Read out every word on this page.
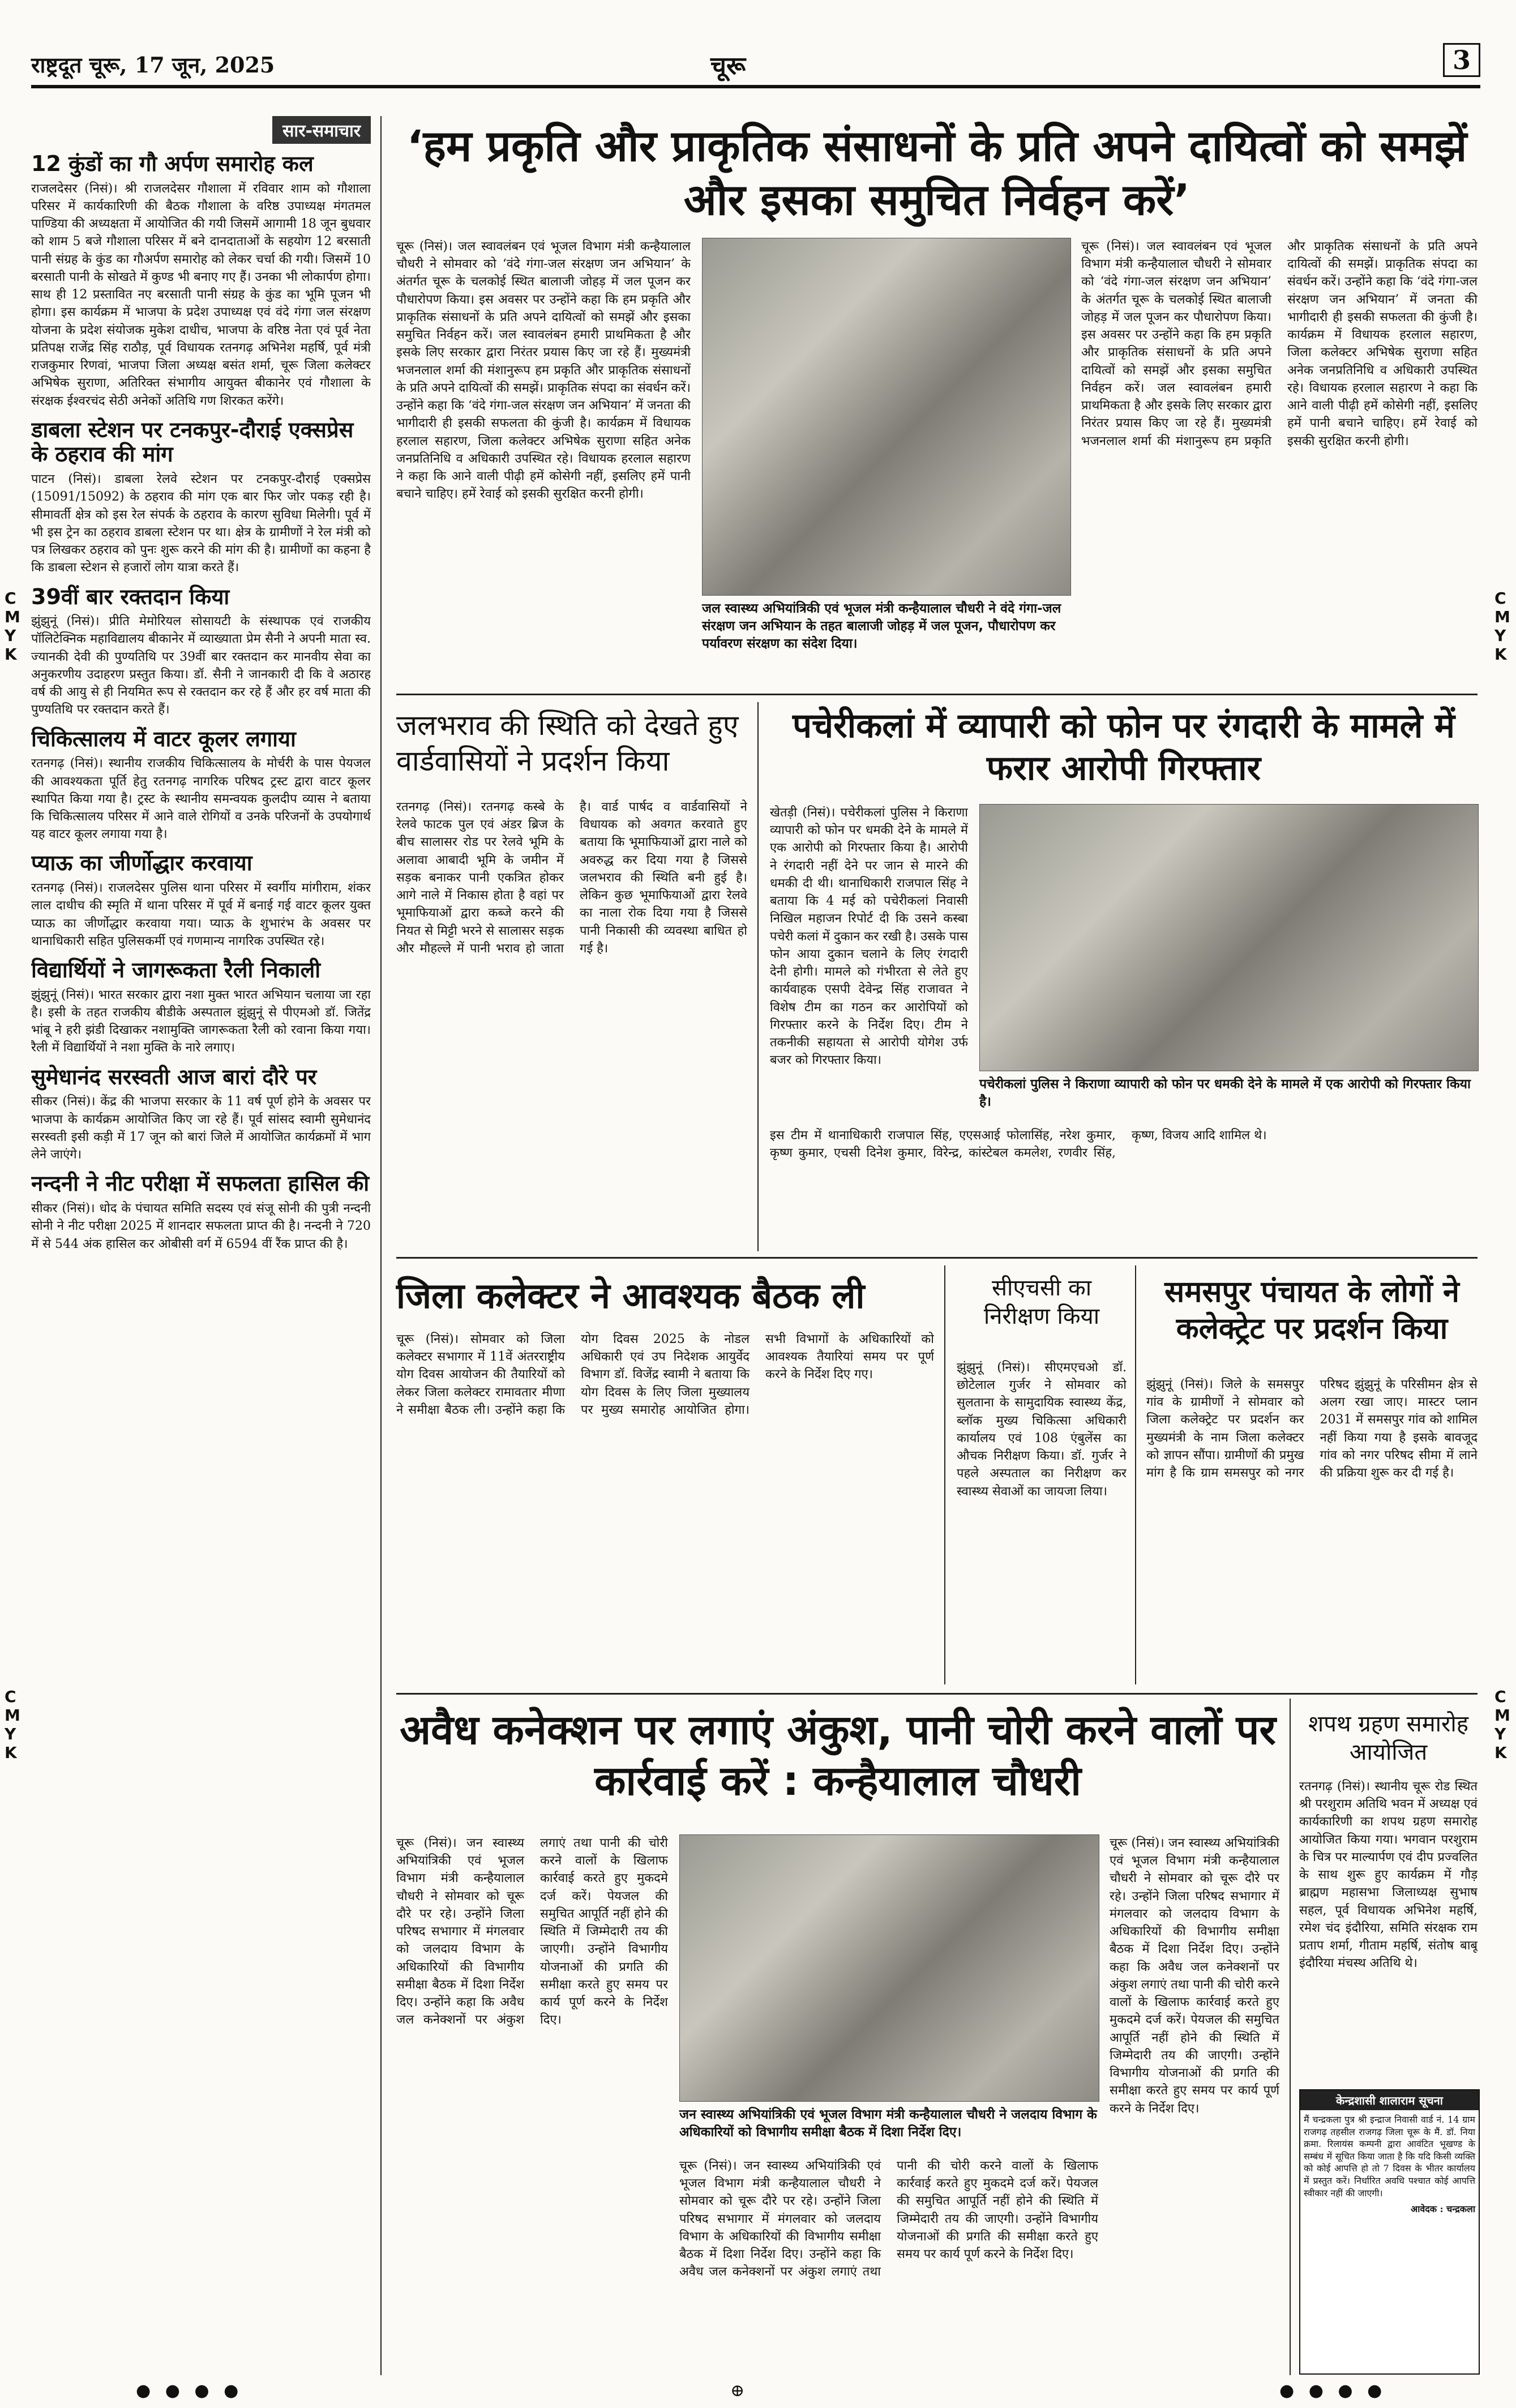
राष्ट्रदूत चूरू, 17 जून, 2025	चूरू	3
C
M
Y
K
C
M
Y
K
C
M
Y
K
C
M
Y
K
सार-समाचार
12 कुंडों का गौ अर्पण समारोह कल

राजलदेसर (निसं)। श्री राजलदेसर गौशाला में रविवार शाम को गौशाला परिसर में कार्यकारिणी की बैठक गौशाला के वरिष्ठ उपाध्यक्ष मंगतमल पाण्डिया की अध्यक्षता में आयोजित की गयी जिसमें आगामी 18 जून बुधवार को शाम 5 बजे गौशाला परिसर में बने दानदाताओं के सहयोग 12 बरसाती पानी संग्रह के कुंड का गौअर्पण समारोह को लेकर चर्चा की गयी। जिसमें 10 बरसाती पानी के सोखते में कुण्ड भी बनाए गए हैं। उनका भी लोकार्पण होगा। साथ ही 12 प्रस्तावित नए बरसाती पानी संग्रह के कुंड का भूमि पूजन भी होगा। इस कार्यक्रम में भाजपा के प्रदेश उपाध्यक्ष एवं वंदे गंगा जल संरक्षण योजना के प्रदेश संयोजक मुकेश दाधीच, भाजपा के वरिष्ठ नेता एवं पूर्व नेता प्रतिपक्ष राजेंद्र सिंह राठौड़, पूर्व विधायक रतनगढ़ अभिनेश महर्षि, पूर्व मंत्री राजकुमार रिणवां, भाजपा जिला अध्यक्ष बसंत शर्मा, चूरू जिला कलेक्टर अभिषेक सुराणा, अतिरिक्त संभागीय आयुक्त बीकानेर एवं गौशाला के संरक्षक ईश्वरचंद सेठी अनेकों अतिथि गण शिरकत करेंगे।

डाबला स्टेशन पर टनकपुर-दौराई एक्सप्रेस के ठहराव की मांग

पाटन (निसं)। डाबला रेलवे स्टेशन पर टनकपुर-दौराई एक्सप्रेस (15091/15092) के ठहराव की मांग एक बार फिर जोर पकड़ रही है। सीमावर्ती क्षेत्र को इस रेल संपर्क के ठहराव के कारण सुविधा मिलेगी। पूर्व में भी इस ट्रेन का ठहराव डाबला स्टेशन पर था। क्षेत्र के ग्रामीणों ने रेल मंत्री को पत्र लिखकर ठहराव को पुनः शुरू करने की मांग की है। ग्रामीणों का कहना है कि डाबला स्टेशन से हजारों लोग यात्रा करते हैं।

39वीं बार रक्तदान किया

झुंझुनूं (निसं)। प्रीति मेमोरियल सोसायटी के संस्थापक एवं राजकीय पॉलिटेक्निक महाविद्यालय बीकानेर में व्याख्याता प्रेम सैनी ने अपनी माता स्व. ज्यानकी देवी की पुण्यतिथि पर 39वीं बार रक्तदान कर मानवीय सेवा का अनुकरणीय उदाहरण प्रस्तुत किया। डॉ. सैनी ने जानकारी दी कि वे अठारह वर्ष की आयु से ही नियमित रूप से रक्तदान कर रहे हैं और हर वर्ष माता की पुण्यतिथि पर रक्तदान करते हैं।

चिकित्सालय में वाटर कूलर लगाया

रतनगढ़ (निसं)। स्थानीय राजकीय चिकित्सालय के मोर्चरी के पास पेयजल की आवश्यकता पूर्ति हेतु रतनगढ़ नागरिक परिषद ट्रस्ट द्वारा वाटर कूलर स्थापित किया गया है। ट्रस्ट के स्थानीय समन्वयक कुलदीप व्यास ने बताया कि चिकित्सालय परिसर में आने वाले रोगियों व उनके परिजनों के उपयोगार्थ यह वाटर कूलर लगाया गया है।

प्याऊ का जीर्णोद्धार करवाया

रतनगढ़ (निसं)। राजलदेसर पुलिस थाना परिसर में स्वर्गीय मांगीराम, शंकर लाल दाधीच की स्मृति में थाना परिसर में पूर्व में बनाई गई वाटर कूलर युक्त प्याऊ का जीर्णोद्धार करवाया गया। प्याऊ के शुभारंभ के अवसर पर थानाधिकारी सहित पुलिसकर्मी एवं गणमान्य नागरिक उपस्थित रहे।

विद्यार्थियों ने जागरूकता रैली निकाली

झुंझुनूं (निसं)। भारत सरकार द्वारा नशा मुक्त भारत अभियान चलाया जा रहा है। इसी के तहत राजकीय बीडीके अस्पताल झुंझुनूं से पीएमओ डॉ. जितेंद्र भांबू ने हरी झंडी दिखाकर नशामुक्ति जागरूकता रैली को रवाना किया गया। रैली में विद्यार्थियों ने नशा मुक्ति के नारे लगाए।

सुमेधानंद सरस्वती आज बारां दौरे पर

सीकर (निसं)। केंद्र की भाजपा सरकार के 11 वर्ष पूर्ण होने के अवसर पर भाजपा के कार्यक्रम आयोजित किए जा रहे हैं। पूर्व सांसद स्वामी सुमेधानंद सरस्वती इसी कड़ी में 17 जून को बारां जिले में आयोजित कार्यक्रमों में भाग लेने जाएंगे।

नन्दनी ने नीट परीक्षा में सफलता हासिल की

सीकर (निसं)। धोद के पंचायत समिति सदस्य एवं संजू सोनी की पुत्री नन्दनी सोनी ने नीट परीक्षा 2025 में शानदार सफलता प्राप्त की है। नन्दनी ने 720 में से 544 अंक हासिल कर ओबीसी वर्ग में 6594 वीं रैंक प्राप्त की है।

‘हम प्रकृति और प्राकृतिक संसाधनों के प्रति अपने दायित्वों को समझें और इसका समुचित निर्वहन करें’

चूरू (निसं)। जल स्वावलंबन एवं भूजल विभाग मंत्री कन्हैयालाल चौधरी ने सोमवार को ‘वंदे गंगा-जल संरक्षण जन अभियान’ के अंतर्गत चूरू के चलकोई स्थित बालाजी जोहड़ में जल पूजन कर पौधारोपण किया। इस अवसर पर उन्होंने कहा कि हम प्रकृति और प्राकृतिक संसाधनों के प्रति अपने दायित्वों को समझें और इसका समुचित निर्वहन करें। जल स्वावलंबन हमारी प्राथमिकता है और इसके लिए सरकार द्वारा निरंतर प्रयास किए जा रहे हैं। मुख्यमंत्री भजनलाल शर्मा की मंशानुरूप हम प्रकृति और प्राकृतिक संसाधनों के प्रति अपने दायित्वों की समझें। प्राकृतिक संपदा का संवर्धन करें। उन्होंने कहा कि ‘वंदे गंगा-जल संरक्षण जन अभियान’ में जनता की भागीदारी ही इसकी सफलता की कुंजी है। कार्यक्रम में विधायक हरलाल सहारण, जिला कलेक्टर अभिषेक सुराणा सहित अनेक जनप्रतिनिधि व अधिकारी उपस्थित रहे। विधायक हरलाल सहारण ने कहा कि आने वाली पीढ़ी हमें कोसेगी नहीं, इसलिए हमें पानी बचाने चाहिए। हमें रेवाई को इसकी सुरक्षित करनी होगी।

जल स्वास्थ्य अभियांत्रिकी एवं भूजल मंत्री कन्हैयालाल चौधरी ने वंदे गंगा-जल संरक्षण जन अभियान के तहत बालाजी जोहड़ में जल पूजन, पौधारोपण कर पर्यावरण संरक्षण का संदेश दिया।

चूरू (निसं)। जल स्वावलंबन एवं भूजल विभाग मंत्री कन्हैयालाल चौधरी ने सोमवार को ‘वंदे गंगा-जल संरक्षण जन अभियान’ के अंतर्गत चूरू के चलकोई स्थित बालाजी जोहड़ में जल पूजन कर पौधारोपण किया। इस अवसर पर उन्होंने कहा कि हम प्रकृति और प्राकृतिक संसाधनों के प्रति अपने दायित्वों को समझें और इसका समुचित निर्वहन करें। जल स्वावलंबन हमारी प्राथमिकता है और इसके लिए सरकार द्वारा निरंतर प्रयास किए जा रहे हैं। मुख्यमंत्री भजनलाल शर्मा की मंशानुरूप हम प्रकृति और प्राकृतिक संसाधनों के प्रति अपने दायित्वों की समझें। प्राकृतिक संपदा का संवर्धन करें। उन्होंने कहा कि ‘वंदे गंगा-जल संरक्षण जन अभियान’ में जनता की भागीदारी ही इसकी सफलता की कुंजी है। कार्यक्रम में विधायक हरलाल सहारण, जिला कलेक्टर अभिषेक सुराणा सहित अनेक जनप्रतिनिधि व अधिकारी उपस्थित रहे। विधायक हरलाल सहारण ने कहा कि आने वाली पीढ़ी हमें कोसेगी नहीं, इसलिए हमें पानी बचाने चाहिए। हमें रेवाई को इसकी सुरक्षित करनी होगी।

जलभराव की स्थिति को देखते हुए वार्डवासियों ने प्रदर्शन किया

रतनगढ़ (निसं)। रतनगढ़ कस्बे के रेलवे फाटक पुल एवं अंडर ब्रिज के बीच सालासर रोड पर रेलवे भूमि के अलावा आबादी भूमि के जमीन में सड़क बनाकर पानी एकत्रित होकर आगे नाले में निकास होता है वहां पर भूमाफियाओं द्वारा कब्जे करने की नियत से मिट्टी भरने से सालासर सड़क और मौहल्ले में पानी भराव हो जाता है। वार्ड पार्षद व वार्डवासियों ने विधायक को अवगत करवाते हुए बताया कि भूमाफियाओं द्वारा नाले को अवरुद्ध कर दिया गया है जिससे जलभराव की स्थिति बनी हुई है। लेकिन कुछ भूमाफियाओं द्वारा रेलवे का नाला रोक दिया गया है जिससे पानी निकासी की व्यवस्था बाधित हो गई है।

पचेरीकलां में व्यापारी को फोन पर रंगदारी के मामले में फरार आरोपी गिरफ्तार

खेतड़ी (निसं)। पचेरीकलां पुलिस ने किराणा व्यापारी को फोन पर धमकी देने के मामले में एक आरोपी को गिरफ्तार किया है। आरोपी ने रंगदारी नहीं देने पर जान से मारने की धमकी दी थी। थानाधिकारी राजपाल सिंह ने बताया कि 4 मई को पचेरीकलां निवासी निखिल महाजन रिपोर्ट दी कि उसने कस्बा पचेरी कलां में दुकान कर रखी है। उसके पास फोन आया दुकान चलाने के लिए रंगदारी देनी होगी। मामले को गंभीरता से लेते हुए कार्यवाहक एसपी देवेन्द्र सिंह राजावत ने विशेष टीम का गठन कर आरोपियों को गिरफ्तार करने के निर्देश दिए। टीम ने तकनीकी सहायता से आरोपी योगेश उर्फ बजर को गिरफ्तार किया।

पचेरीकलां पुलिस ने किराणा व्यापारी को फोन पर धमकी देने के मामले में एक आरोपी को गिरफ्तार किया है।

इस टीम में थानाधिकारी राजपाल सिंह, एएसआई फोलासिंह, नरेश कुमार, कृष्ण कुमार, एचसी दिनेश कुमार, विरेन्द्र, कांस्टेबल कमलेश, रणवीर सिंह, कृष्ण, विजय आदि शामिल थे।

जिला कलेक्टर ने आवश्यक बैठक ली

चूरू (निसं)। सोमवार को जिला कलेक्टर सभागार में 11वें अंतरराष्ट्रीय योग दिवस आयोजन की तैयारियों को लेकर जिला कलेक्टर रामावतार मीणा ने समीक्षा बैठक ली। उन्होंने कहा कि योग दिवस 2025 के नोडल अधिकारी एवं उप निदेशक आयुर्वेद विभाग डॉ. विजेंद्र स्वामी ने बताया कि योग दिवस के लिए जिला मुख्यालय पर मुख्य समारोह आयोजित होगा। सभी विभागों के अधिकारियों को आवश्यक तैयारियां समय पर पूर्ण करने के निर्देश दिए गए।

सीएचसी का निरीक्षण किया

झुंझुनूं (निसं)। सीएमएचओ डॉ. छोटेलाल गुर्जर ने सोमवार को सुलताना के सामुदायिक स्वास्थ्य केंद्र, ब्लॉक मुख्य चिकित्सा अधिकारी कार्यालय एवं 108 एंबुलेंस का औचक निरीक्षण किया। डॉ. गुर्जर ने पहले अस्पताल का निरीक्षण कर स्वास्थ्य सेवाओं का जायजा लिया।

समसपुर पंचायत के लोगों ने कलेक्ट्रेट पर प्रदर्शन किया

झुंझुनूं (निसं)। जिले के समसपुर गांव के ग्रामीणों ने सोमवार को जिला कलेक्ट्रेट पर प्रदर्शन कर मुख्यमंत्री के नाम जिला कलेक्टर को ज्ञापन सौंपा। ग्रामीणों की प्रमुख मांग है कि ग्राम समसपुर को नगर परिषद झुंझुनूं के परिसीमन क्षेत्र से अलग रखा जाए। मास्टर प्लान 2031 में समसपुर गांव को शामिल नहीं किया गया है इसके बावजूद गांव को नगर परिषद सीमा में लाने की प्रक्रिया शुरू कर दी गई है।

अवैध कनेक्शन पर लगाएं अंकुश, पानी चोरी करने वालों पर कार्रवाई करें : कन्हैयालाल चौधरी

चूरू (निसं)। जन स्वास्थ्य अभियांत्रिकी एवं भूजल विभाग मंत्री कन्हैयालाल चौधरी ने सोमवार को चूरू दौरे पर रहे। उन्होंने जिला परिषद सभागार में मंगलवार को जलदाय विभाग के अधिकारियों की विभागीय समीक्षा बैठक में दिशा निर्देश दिए। उन्होंने कहा कि अवैध जल कनेक्शनों पर अंकुश लगाएं तथा पानी की चोरी करने वालों के खिलाफ कार्रवाई करते हुए मुकदमे दर्ज करें। पेयजल की समुचित आपूर्ति नहीं होने की स्थिति में जिम्मेदारी तय की जाएगी। उन्होंने विभागीय योजनाओं की प्रगति की समीक्षा करते हुए समय पर कार्य पूर्ण करने के निर्देश दिए।

जन स्वास्थ्य अभियांत्रिकी एवं भूजल विभाग मंत्री कन्हैयालाल चौधरी ने जलदाय विभाग के अधिकारियों को विभागीय समीक्षा बैठक में दिशा निर्देश दिए।

चूरू (निसं)। जन स्वास्थ्य अभियांत्रिकी एवं भूजल विभाग मंत्री कन्हैयालाल चौधरी ने सोमवार को चूरू दौरे पर रहे। उन्होंने जिला परिषद सभागार में मंगलवार को जलदाय विभाग के अधिकारियों की विभागीय समीक्षा बैठक में दिशा निर्देश दिए। उन्होंने कहा कि अवैध जल कनेक्शनों पर अंकुश लगाएं तथा पानी की चोरी करने वालों के खिलाफ कार्रवाई करते हुए मुकदमे दर्ज करें। पेयजल की समुचित आपूर्ति नहीं होने की स्थिति में जिम्मेदारी तय की जाएगी। उन्होंने विभागीय योजनाओं की प्रगति की समीक्षा करते हुए समय पर कार्य पूर्ण करने के निर्देश दिए।

चूरू (निसं)। जन स्वास्थ्य अभियांत्रिकी एवं भूजल विभाग मंत्री कन्हैयालाल चौधरी ने सोमवार को चूरू दौरे पर रहे। उन्होंने जिला परिषद सभागार में मंगलवार को जलदाय विभाग के अधिकारियों की विभागीय समीक्षा बैठक में दिशा निर्देश दिए। उन्होंने कहा कि अवैध जल कनेक्शनों पर अंकुश लगाएं तथा पानी की चोरी करने वालों के खिलाफ कार्रवाई करते हुए मुकदमे दर्ज करें। पेयजल की समुचित आपूर्ति नहीं होने की स्थिति में जिम्मेदारी तय की जाएगी। उन्होंने विभागीय योजनाओं की प्रगति की समीक्षा करते हुए समय पर कार्य पूर्ण करने के निर्देश दिए।

शपथ ग्रहण समारोह आयोजित

रतनगढ़ (निसं)। स्थानीय चूरू रोड स्थित श्री परशुराम अतिथि भवन में अध्यक्ष एवं कार्यकारिणी का शपथ ग्रहण समारोह आयोजित किया गया। भगवान परशुराम के चित्र पर माल्यार्पण एवं दीप प्रज्वलित के साथ शुरू हुए कार्यक्रम में गौड़ ब्राह्मण महासभा जिलाध्यक्ष सुभाष सहल, पूर्व विधायक अभिनेश महर्षि, रमेश चंद इंदौरिया, समिति संरक्षक राम प्रताप शर्मा, गीताम महर्षि, संतोष बाबू इंदौरिया मंचस्थ अतिथि थे।

केन्द्रशासी शालाराम सूचना

मैं चन्द्रकला पुत्र श्री इन्द्राज निवासी वार्ड नं. 14 ग्राम राजगढ़ तहसील राजगढ़ जिला चूरू के मैं. डॉ. निया क्रमा. रिलायंस कम्पनी द्वारा आवंटित भूखण्ड के सम्बंध में सूचित किया जाता है कि यदि किसी व्यक्ति को कोई आपत्ति हो तो 7 दिवस के भीतर कार्यालय में प्रस्तुत करें। निर्धारित अवधि पश्चात कोई आपत्ति स्वीकार नहीं की जाएगी।

आवेदक : चन्द्रकला

● ● ● ●	⊕	● ● ● ●
